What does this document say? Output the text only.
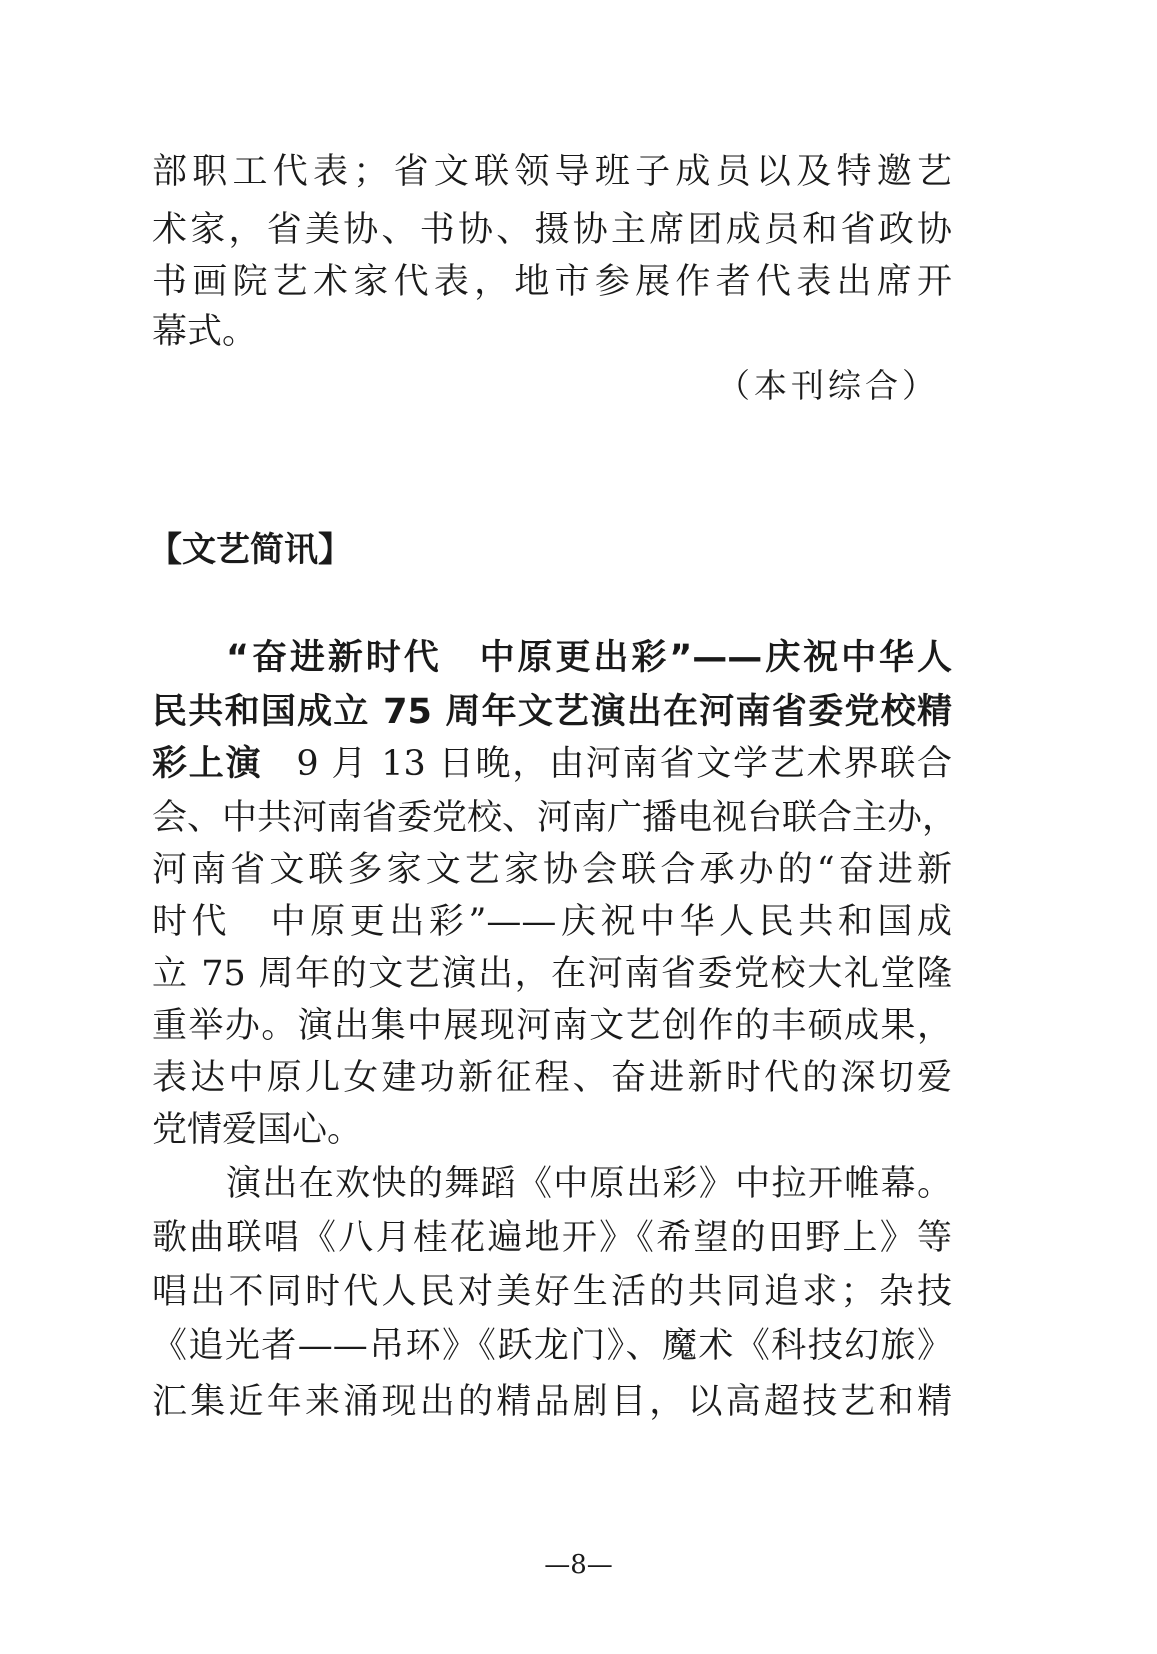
部职工代表；省文联领导班子成员以及特邀艺
术家，省美协、书协、摄协主席团成员和省政协
书画院艺术家代表，地市参展作者代表出席开
幕式。
（本刊综合）
【文艺简讯】
“奋进新时代　中原更出彩”——庆祝中华人
民共和国成立 75 周年文艺演出在河南省委党校精
彩上演 9 月 13 日晚，由河南省文学艺术界联合
会、中共河南省委党校、河南广播电视台联合主办，
河南省文联多家文艺家协会联合承办的“奋进新
时代　中原更出彩”——庆祝中华人民共和国成
立 75 周年的文艺演出，在河南省委党校大礼堂隆
重举办。演出集中展现河南文艺创作的丰硕成果，
表达中原儿女建功新征程、奋进新时代的深切爱
党情爱国心。
演出在欢快的舞蹈《中原出彩》中拉开帷幕。
歌曲联唱《八月桂花遍地开》《希望的田野上》等
唱出不同时代人民对美好生活的共同追求；杂技
《追光者——吊环》《跃龙门》、魔术《科技幻旅》
汇集近年来涌现出的精品剧目，以高超技艺和精
—8—
